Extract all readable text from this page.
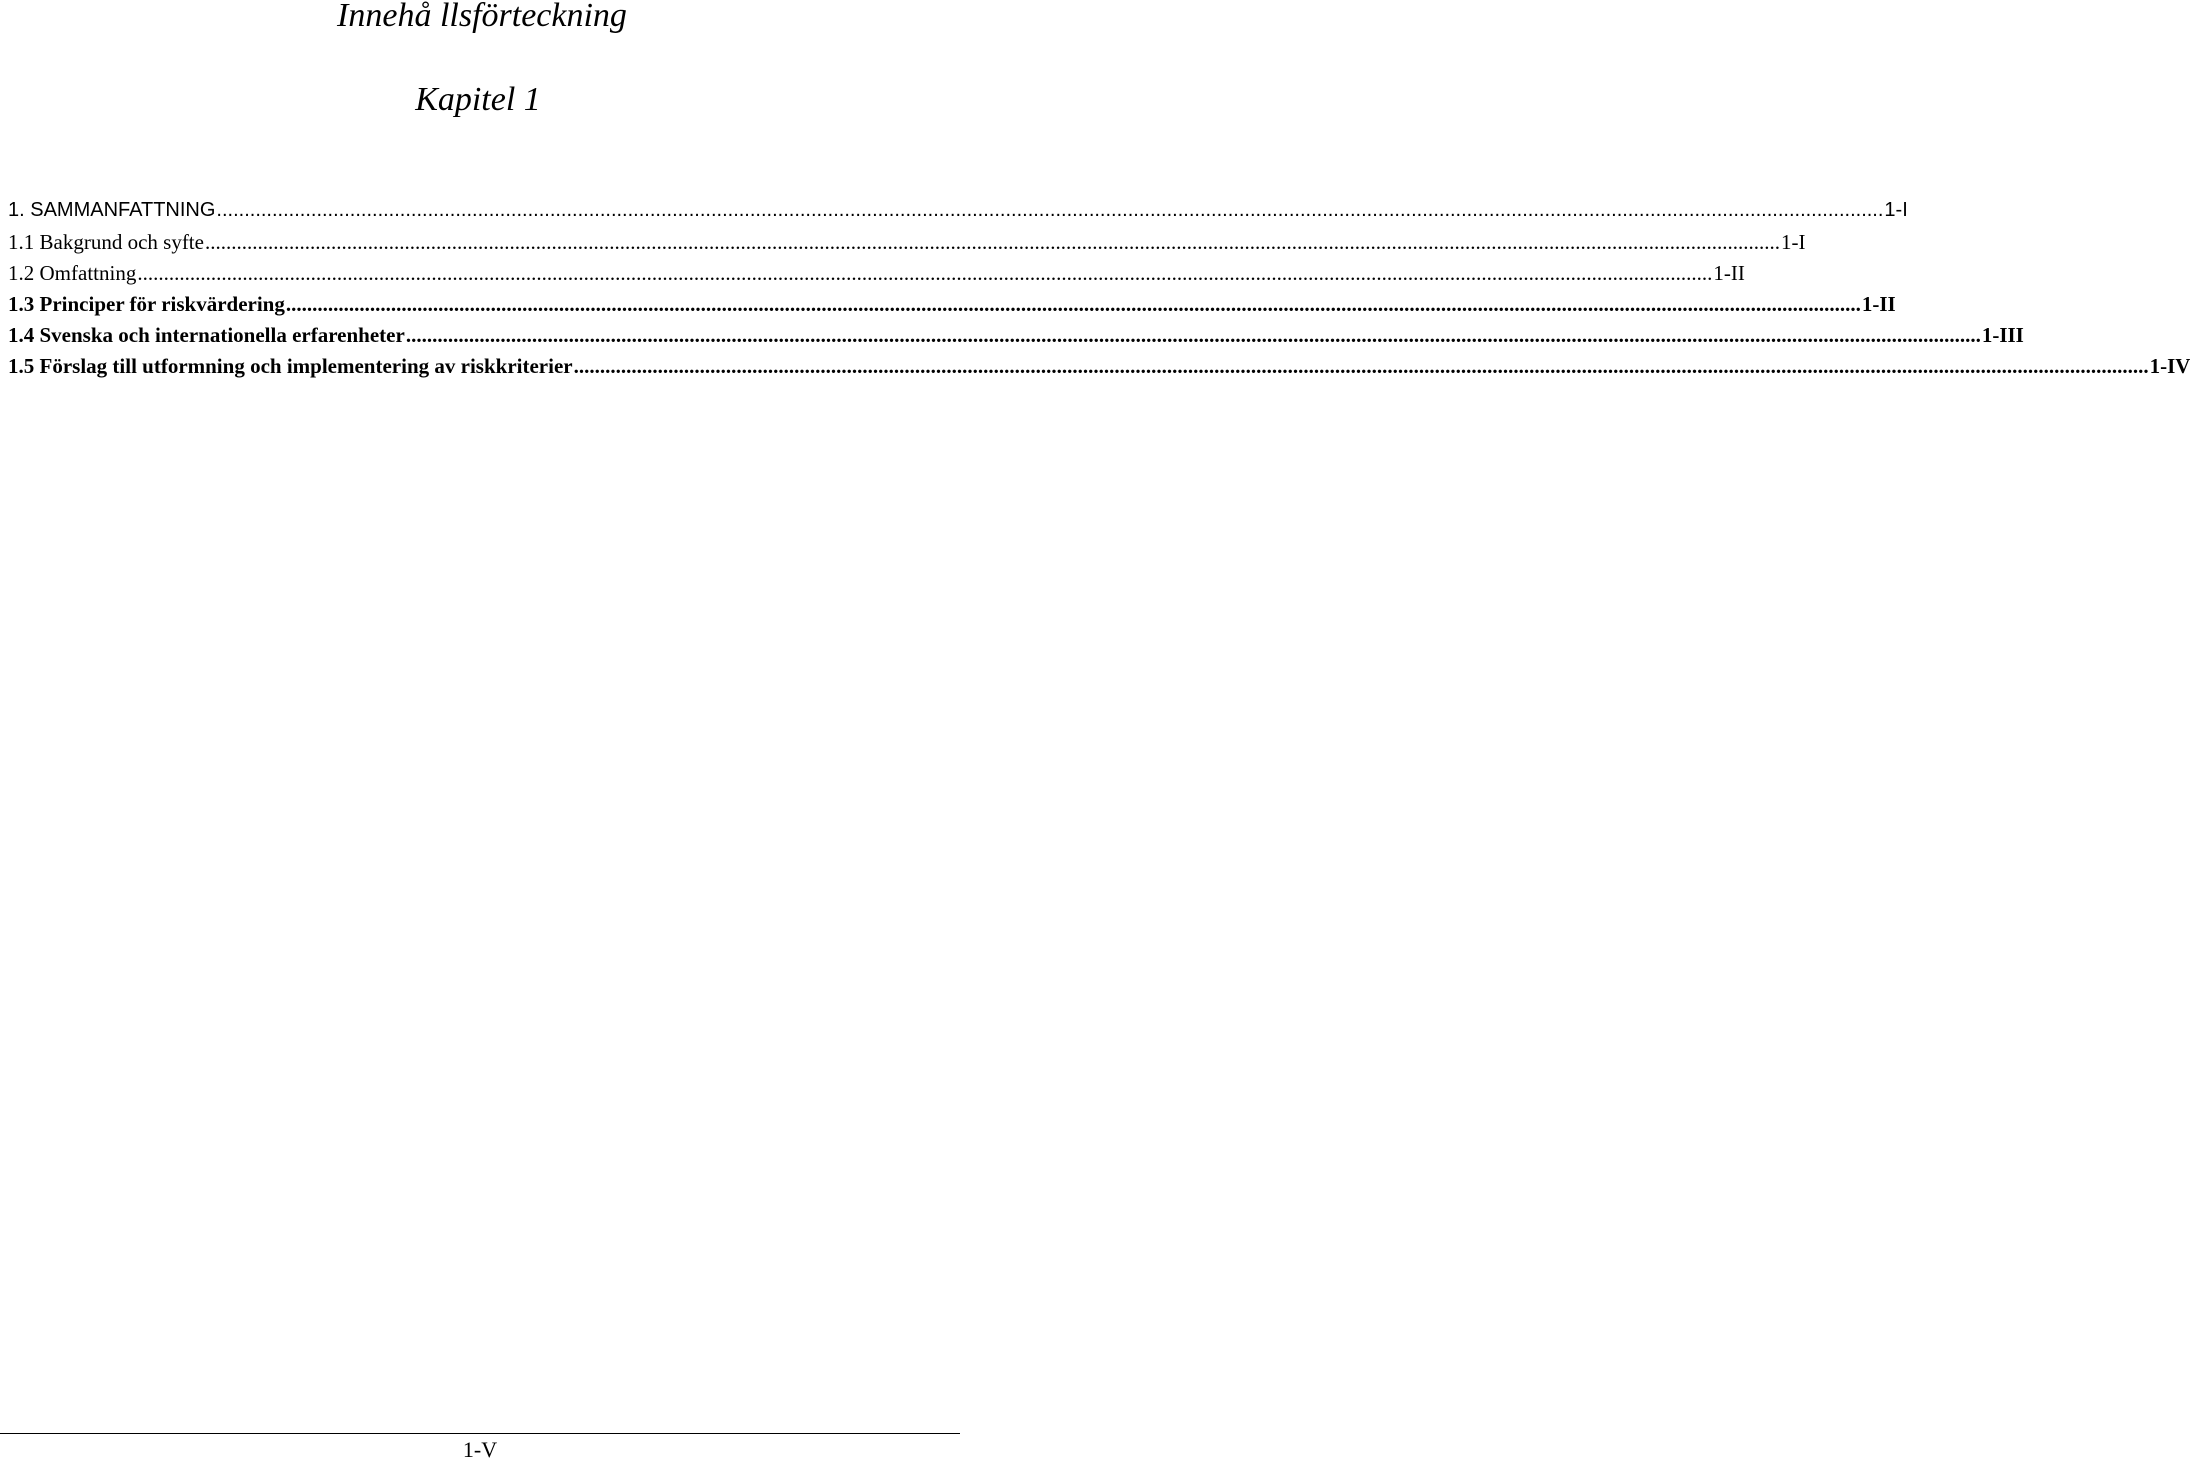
Innehå llsförteckning
Kapitel 1
1. SAMMANFATTNING ............................................................................................................................................................................................................................................................................................................ 1-I
1.1 Bakgrund och syfte ............................................................................................................................................................................................................................................................................................................ 1-I
1.2 Omfattning ............................................................................................................................................................................................................................................................................................................ 1-II
1.3 Principer för riskvärdering ............................................................................................................................................................................................................................................................................................................ 1-II
1.4 Svenska och internationella erfarenheter ............................................................................................................................................................................................................................................................................................................ 1-III
1.5 Förslag till utformning och implementering av riskkriterier ............................................................................................................................................................................................................................................................................................................ 1-IV
1-V
